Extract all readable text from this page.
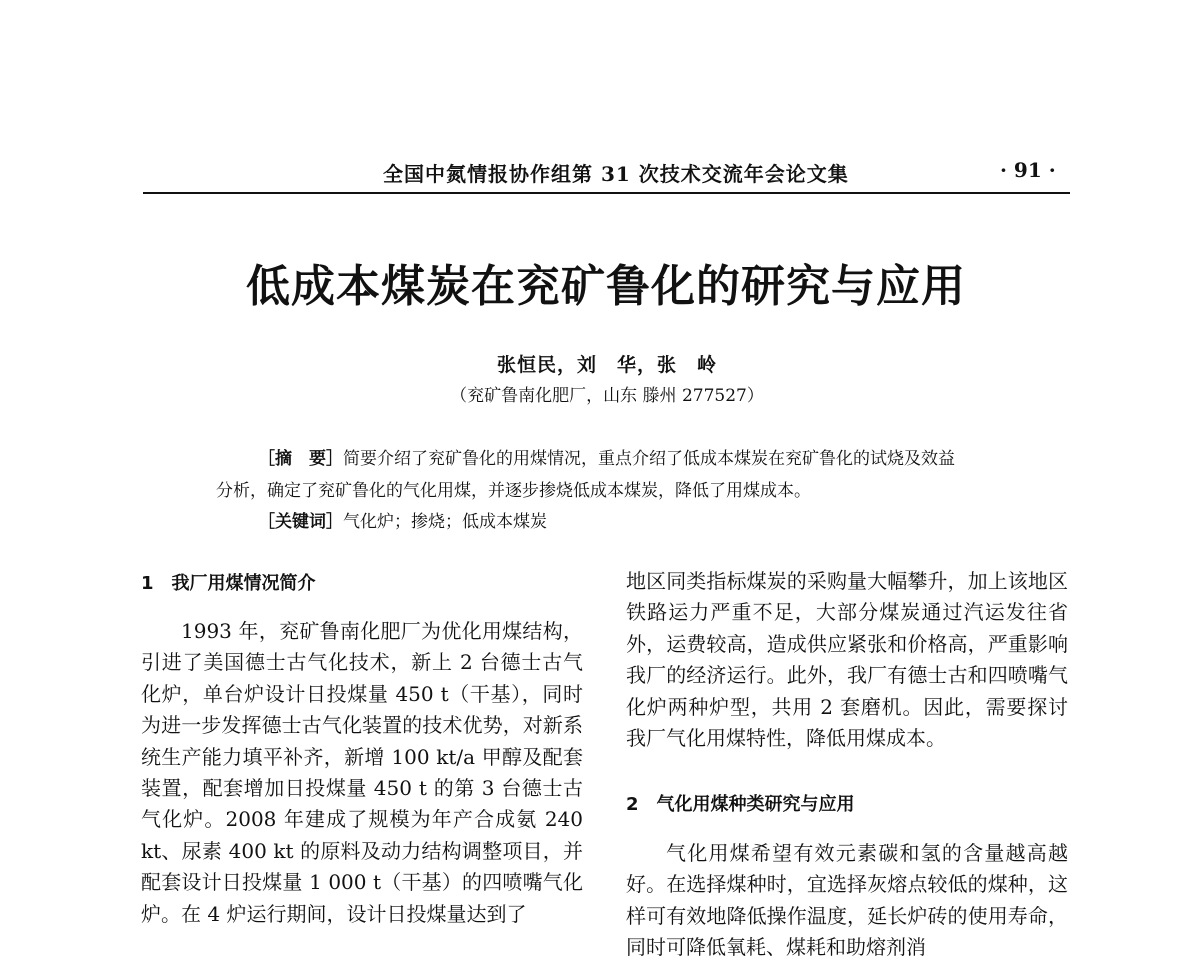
全国中氮情报协作组第 31 次技术交流年会论文集	· 91 ·
低成本煤炭在兖矿鲁化的研究与应用
张恒民，刘　华，张　岭
（兖矿鲁南化肥厂，山东 滕州 277527）
［摘　要］简要介绍了兖矿鲁化的用煤情况，重点介绍了低成本煤炭在兖矿鲁化的试烧及效益
分析，确定了兖矿鲁化的气化用煤，并逐步掺烧低成本煤炭，降低了用煤成本。
［关键词］气化炉；掺烧；低成本煤炭
1　我厂用煤情况简介

1993 年，兖矿鲁南化肥厂为优化用煤结构，引进了美国德士古气化技术，新上 2 台德士古气化炉，单台炉设计日投煤量 450 t（干基），同时为进一步发挥德士古气化装置的技术优势，对新系统生产能力填平补齐，新增 100 kt/a 甲醇及配套装置，配套增加日投煤量 450 t 的第 3 台德士古气化炉。2008 年建成了规模为年产合成氨 240 kt、尿素 400 kt 的原料及动力结构调整项目，并配套设计日投煤量 1 000 t（干基）的四喷嘴气化炉。在 4 炉运行期间，设计日投煤量达到了

地区同类指标煤炭的采购量大幅攀升，加上该地区铁路运力严重不足，大部分煤炭通过汽运发往省外，运费较高，造成供应紧张和价格高，严重影响我厂的经济运行。此外，我厂有德士古和四喷嘴气化炉两种炉型，共用 2 套磨机。因此，需要探讨我厂气化用煤特性，降低用煤成本。

2　气化用煤种类研究与应用

气化用煤希望有效元素碳和氢的含量越高越好。在选择煤种时，宜选择灰熔点较低的煤种，这样可有效地降低操作温度，延长炉砖的使用寿命，同时可降低氧耗、煤耗和助熔剂消
